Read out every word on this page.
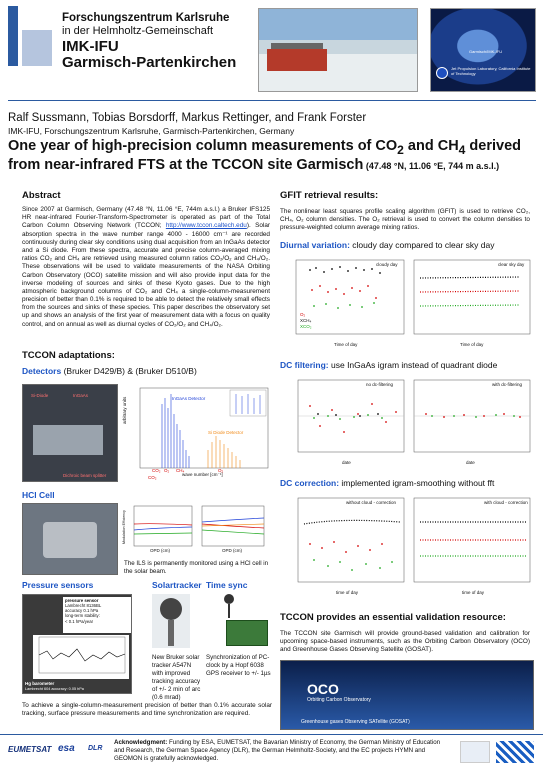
Forschungszentrum Karlsruhe
in der Helmholtz-Gemeinschaft
IMK-IFU
Garmisch-Partenkirchen
Garmisch/IMK-IFU
Jet Propulsion Laboratory, California Institute of Technology
Ralf Sussmann, Tobias Borsdorff, Markus Rettinger, and Frank Forster
IMK-IFU, Forschungszentrum Karlsruhe, Garmisch-Partenkirchen, Germany
One year of high-precision column measurements of $CO_2$ and $CH_4$ derived
from near-infrared FTS at the TCCON site Garmisch (47.48 °N, 11.06 °E, 744 m a.s.l.)
Abstract
Since 2007 at Garmisch, Germany (47.48 °N, 11.06 °E, 744m a.s.l.) a Bruker IFS125 HR near-infrared Fourier-Transform-Spectrometer is operated as part of the Total Carbon Column Observing Network (TCCON; http://www.tccon.caltech.edu). Solar absorption spectra in the wave number range 4000 - 16000 cm⁻¹ are recorded continuously during clear sky conditions using dual acquisition from an InGaAs detector and a Si diode. From these spectra, accurate and precise column-averaged mixing ratios CO₂ and CH₄ are retrieved using measured column ratios CO₂/O₂ and CH₄/O₂. These observations will be used to validate measurements of the NASA Orbiting Carbon Observatory (OCO) satellite mission and will also provide input data for the inverse modeling of sources and sinks of these Kyoto gases. Due to the high atmospheric background columns of CO₂ and CH₄ a single-column-measurement precision of better than 0.1% is required to be able to detect the relatively small effects from the sources and sinks of these species. This paper describes the observatory set up and shows an analysis of the first year of measurement data with a focus on quality control, and on annual as well as diurnal cycles of CO₂/O₂ and CH₄/O₂.
TCCON adaptations:
Detectors (Bruker D429/B) & (Bruker D510/B)
Si-Diode	InGaAs
Dichroic beam splitter
InGaAs Detector
Si Diode Detector
wave number [cm⁻¹]
arbitrary units
CO₂ O₂ CH₄
CO₂
O₂
HCl Cell
OPD (cm)
Modulation Efficiency
OPD (cm)
The ILS is permanently monitored using a HCl cell in the solar beam.
Pressure sensors
pressure sensor
Lambrecht 8136BL
accuracy 0.1 hPa
long-term stability:
< 0.1 hPa/year
Hg barometer
Lambrecht 604 accuracy: 0.05 hPa
Solartracker
New Bruker solar tracker A547N with improved tracking accuracy of +/- 2 min of arc (0.6 mrad)
Time sync
Synchronization of PC-clock by a Hopf 6038 GPS receiver to +/- 1µs
To achieve a single-column-measurement precision of better than 0.1% accurate solar tracking, surface pressure measurements and time synchronization are required.
GFIT retrieval results:
The nonlinear least squares profile scaling algorithm (GFIT) is used to retrieve CO₂, CH₄, O₂ column densities. The O₂ retrieval is used to convert the column densities to pressure-weighted column average mixing ratios.
Diurnal variation: cloudy day compared to clear sky day
cloudy day
O₂
XCH₄
XCO₂
Time of day
clear sky day
Time of day
DC filtering: use InGaAs igram instead of quadrant diode
no dc-filtering
date
with dc-filtering
date
DC correction: implemented igram-smoothing without fft
without cloud - correction
time of day
with cloud - correction
time of day
TCCON provides an essential validation resource:
The TCCON site Garmisch will provide ground-based validation and calibration for upcoming space-based instruments, such as the Orbiting Carbon Observatory (OCO) and Greenhouse Gases Observing Satellite (GOSAT).
OCO
Orbiting Carbon Observatory
Greenhouse gases Observing SATellite (GOSAT)
EUMETSAT esa DLR
Acknowledgment: Funding by ESA, EUMETSAT, the Bavarian Ministry of Economy, the German Ministry of Education and Research, the German Space Agency (DLR), the German Helmholtz-Society, and the EC projects HYMN and GEOMON is gratefully acknowledged.
